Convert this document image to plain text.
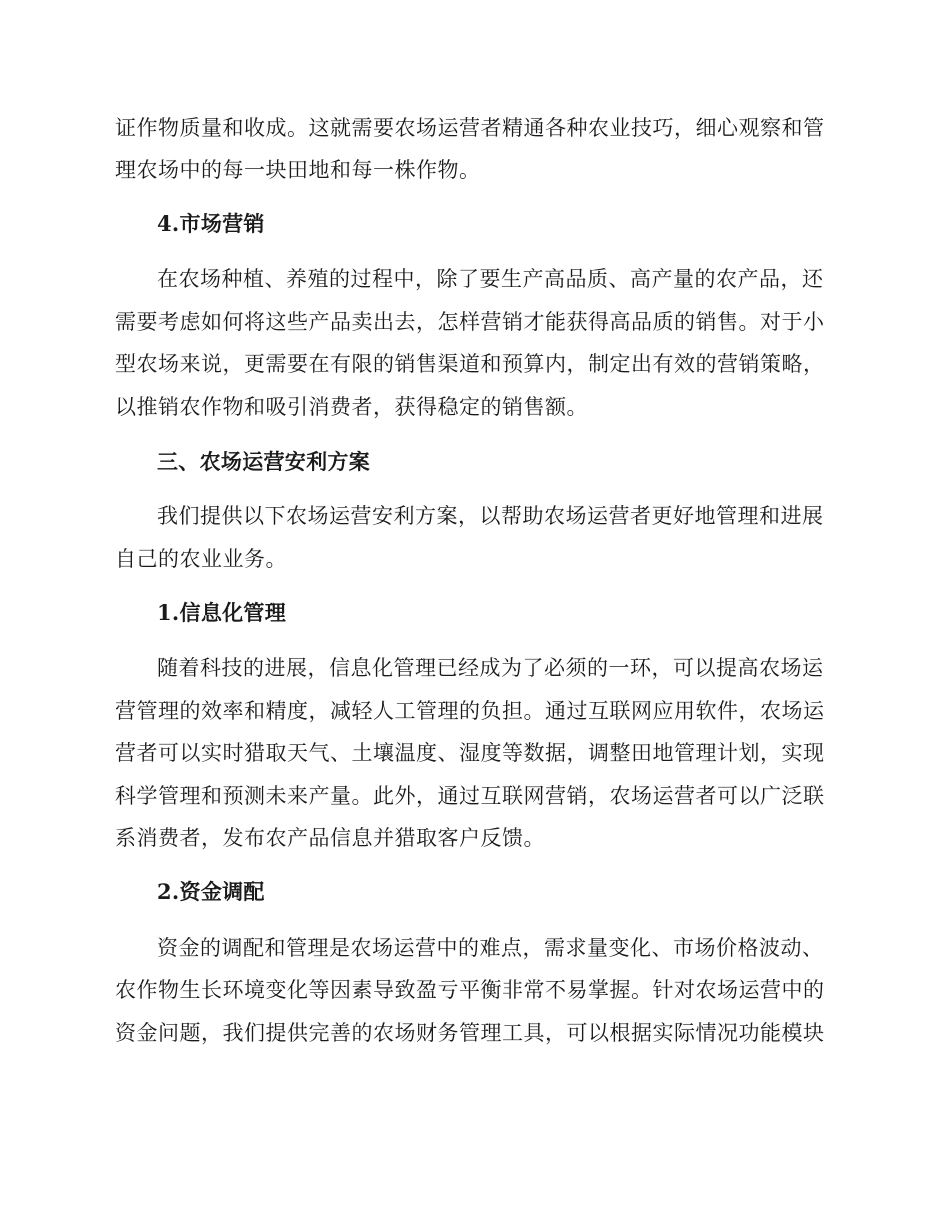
证作物质量和收成。这就需要农场运营者精通各种农业技巧，细心观察和管
理农场中的每一块田地和每一株作物。
4.市场营销
在农场种植、养殖的过程中，除了要生产高品质、高产量的农产品，还
需要考虑如何将这些产品卖出去，怎样营销才能获得高品质的销售。对于小
型农场来说，更需要在有限的销售渠道和预算内，制定出有效的营销策略，
以推销农作物和吸引消费者，获得稳定的销售额。
三、农场运营安利方案
我们提供以下农场运营安利方案，以帮助农场运营者更好地管理和进展
自己的农业业务。
1.信息化管理
随着科技的进展，信息化管理已经成为了必须的一环，可以提高农场运
营管理的效率和精度，减轻人工管理的负担。通过互联网应用软件，农场运
营者可以实时猎取天气、土壤温度、湿度等数据，调整田地管理计划，实现
科学管理和预测未来产量。此外，通过互联网营销，农场运营者可以广泛联
系消费者，发布农产品信息并猎取客户反馈。
2.资金调配
资金的调配和管理是农场运营中的难点，需求量变化、市场价格波动、
农作物生长环境变化等因素导致盈亏平衡非常不易掌握。针对农场运营中的
资金问题，我们提供完善的农场财务管理工具，可以根据实际情况功能模块
